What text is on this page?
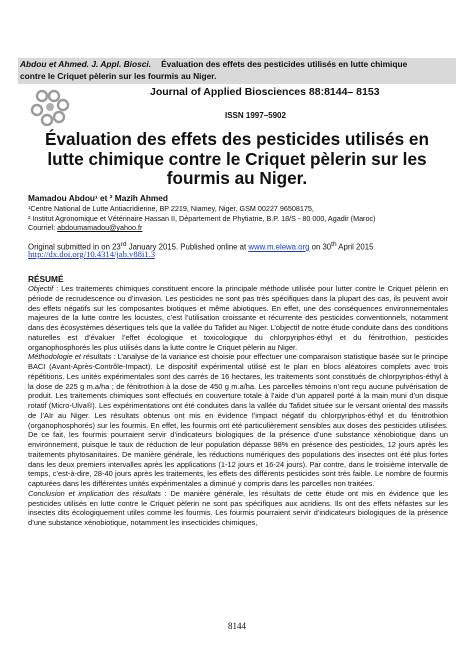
Abdou et Ahmed. J. Appl. Biosci. Évaluation des effets des pesticides utilisés en lutte chimique
contre le Criquet pèlerin sur les fourmis au Niger.
Journal of Applied Biosciences 88:8144– 8153
ISSN 1997–5902
Évaluation des effets des pesticides utilisés en lutte chimique contre le Criquet pèlerin sur les fourmis au Niger.
Mamadou Abdou¹ et ² Mazih Ahmed
¹Centre National de Lutte Antiacridienne, BP 2219, Niamey, Niger, GSM 00227 96508175,
² Institut Agronomique et Vétérinaire Hassan II, Département de Phytiatrie, B.P. 18/S - 80 000, Agadir (Maroc)
Courriel: abdoumamadou@yahoo.fr
Original submitted in on 23rd January 2015. Published online at www.m.elewa.org on 30th April 2015
http://dx.doi.org/10.4314/jab.v88i1.3
RÉSUMÉ

Objectif : Les traitements chimiques constituent encore la principale méthode utilisée pour lutter contre le Criquet pèlerin en période de recrudescence ou d’invasion. Les pesticides ne sont pas très spécifiques dans la plupart des cas, ils peuvent avoir des effets négatifs sur les composantes biotiques et même abiotiques. En effet, une des conséquences environnementales majeures de la lutte contre les locustes, c’est l’utilisation croissante et récurrente des pesticides conventionnels, notamment dans des écosystèmes désertiques tels que la vallée du Tafidet au Niger. L’objectif de notre étude conduite dans des conditions naturelles est d’évaluer l’effet écologique et toxicologique du chlorpyriphos-éthyl et du fénitrothion, pesticides organophosphorés les plus utilisés dans la lutte contre le Criquet pèlerin au Niger.

Méthodologie et résultats : L’analyse de la variance est choisie pour effectuer une comparaison statistique basée sur le principe BACI (Avant-Après-Contrôle-Impact). Le dispositif expérimental utilisé est le plan en blocs aléatoires complets avec trois répétitions. Les unités expérimentales sont des carrés de 16 hectares, les traitements sont constitués de chlorpyriphos-éthyl à la dose de 225 g m.a/ha ; de fénitrothion à la dose de 450 g m.a/ha. Les parcelles témoins n’ont reçu aucune pulvérisation de produit. Les traitements chimiques sont effectués en couverture totale à l’aide d’un appareil porté à la main muni d’un disque rotatif (Micro-Ulva®). Les expérimentations ont été conduites dans la vallée du Tafidet située sur le versant oriental des massifs de l’Aïr au Niger. Les résultats obtenus ont mis en évidence l’impact négatif du chlorpyriphos-éthyl et du fénitrothion (organophosphorés) sur les fourmis. En effet, les fourmis ont été particulièrement sensibles aux doses des pesticides utilisées. De ce fait, les fourmis pourraient servir d’indicateurs biologiques de la présence d’une substance xénobiotique dans un environnement, puisque le taux de réduction de leur population dépasse 98% en présence des pesticides, 12 jours après les traitements phytosanitaires. De manière générale, les réductions numériques des populations des insectes ont été plus fortes dans les deux premiers intervalles après les applications (1-12 jours et 16-24 jours). Par contre, dans le troisième intervalle de temps, c’est-à-dire, 28-40 jours après les traitements, les effets des différents pesticides sont très faible. Le nombre de fourmis capturées dans les différentes unités expérimentales a diminué y compris dans les parcelles non traitées.

Conclusion et implication des résultats : De manière générale, les résultats de cette étude ont mis en évidence que les pesticides utilisés en lutte contre le Criquet pèlerin ne sont pas spécifiques aux acridiens. Ils ont des effets néfastes sur les insectes dits écologiquement utiles comme les fourmis. Les fourmis pourraient servir d’indicateurs biologiques de la présence d’une substance xénobiotique, notamment les insecticides chimiques,

8144
